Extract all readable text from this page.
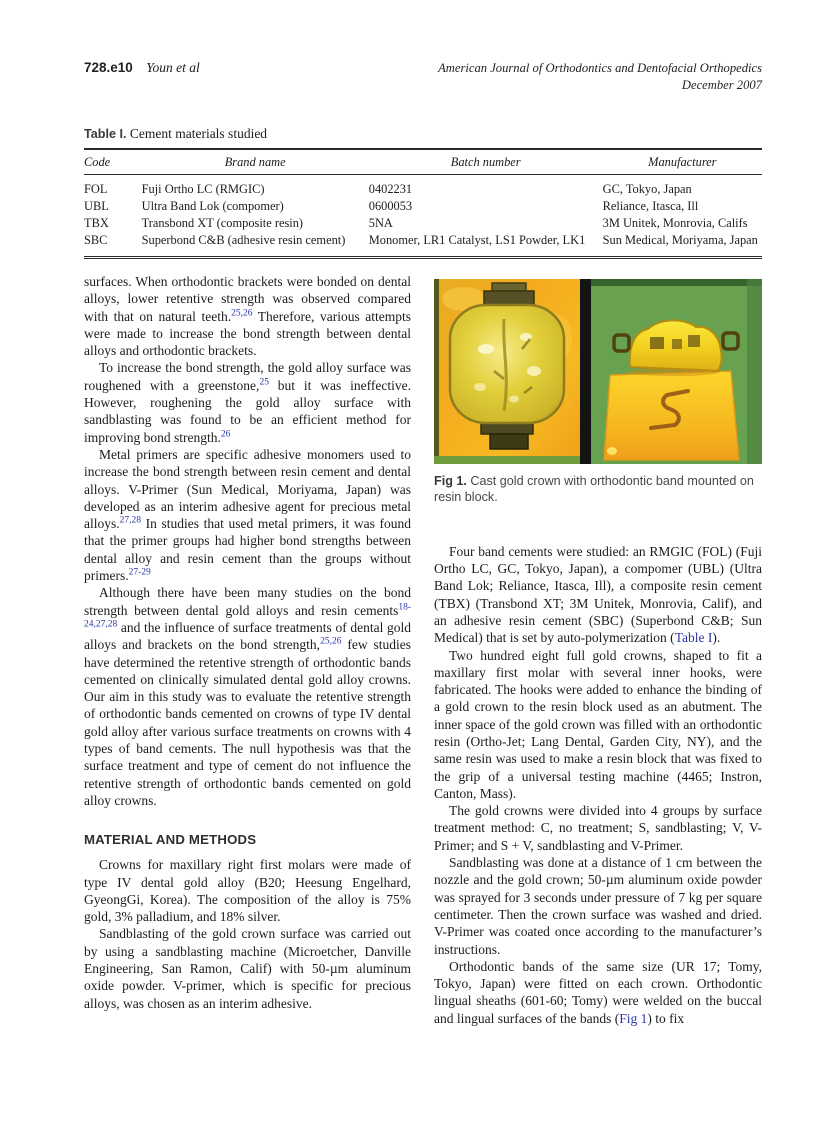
728.e10 Youn et al	American Journal of Orthodontics and Dentofacial Orthopedics
December 2007

Table I. Cement materials studied

Code	Brand name	Batch number	Manufacturer
FOL	Fuji Ortho LC (RMGIC)	0402231	GC, Tokyo, Japan
UBL	Ultra Band Lok (compomer)	0600053	Reliance, Itasca, Ill
TBX	Transbond XT (composite resin)	5NA	3M Unitek, Monrovia, Califs
SBC	Superbond C&B (adhesive resin cement)	Monomer, LR1 Catalyst, LS1 Powder, LK1	Sun Medical, Moriyama, Japan

surfaces. When orthodontic brackets were bonded on dental alloys, lower retentive strength was observed compared with that on natural teeth.$^{25,26}$ Therefore, various attempts were made to increase the bond strength between dental alloys and orthodontic brackets.

To increase the bond strength, the gold alloy surface was roughened with a greenstone,$^{25}$ but it was ineffective. However, roughening the gold alloy surface with sandblasting was found to be an efficient method for improving bond strength.$^{26}$

Metal primers are specific adhesive monomers used to increase the bond strength between resin cement and dental alloys. V-Primer (Sun Medical, Moriyama, Japan) was developed as an interim adhesive agent for precious metal alloys.$^{27,28}$ In studies that used metal primers, it was found that the primer groups had higher bond strengths between dental alloy and resin cement than the groups without primers.$^{27-29}$

Although there have been many studies on the bond strength between dental gold alloys and resin cements$^{18-24,27,28}$ and the influence of surface treatments of dental gold alloys and brackets on the bond strength,$^{25,26}$ few studies have determined the retentive strength of orthodontic bands cemented on clinically simulated dental gold alloy crowns. Our aim in this study was to evaluate the retentive strength of orthodontic bands cemented on crowns of type IV dental gold alloy after various surface treatments on crowns with 4 types of band cements. The null hypothesis was that the surface treatment and type of cement do not influence the retentive strength of orthodontic bands cemented on gold alloy crowns.

MATERIAL AND METHODS

Crowns for maxillary right first molars were made of type IV dental gold alloy (B20; Heesung Engelhard, GyeongGi, Korea). The composition of the alloy is 75% gold, 3% palladium, and 18% silver.

Sandblasting of the gold crown surface was carried out by using a sandblasting machine (Microetcher, Danville Engineering, San Ramon, Calif) with 50-µm aluminum oxide powder. V-primer, which is specific for precious alloys, was chosen as an interim adhesive.

Fig 1. Cast gold crown with orthodontic band mounted on resin block.

Four band cements were studied: an RMGIC (FOL) (Fuji Ortho LC, GC, Tokyo, Japan), a compomer (UBL) (Ultra Band Lok; Reliance, Itasca, Ill), a composite resin cement (TBX) (Transbond XT; 3M Unitek, Monrovia, Calif), and an adhesive resin cement (SBC) (Superbond C&B; Sun Medical) that is set by auto-polymerization (Table I).

Two hundred eight full gold crowns, shaped to fit a maxillary first molar with several inner hooks, were fabricated. The hooks were added to enhance the binding of a gold crown to the resin block used as an abutment. The inner space of the gold crown was filled with an orthodontic resin (Ortho-Jet; Lang Dental, Garden City, NY), and the same resin was used to make a resin block that was fixed to the grip of a universal testing machine (4465; Instron, Canton, Mass).

The gold crowns were divided into 4 groups by surface treatment method: C, no treatment; S, sandblasting; V, V-Primer; and S + V, sandblasting and V-Primer.

Sandblasting was done at a distance of 1 cm between the nozzle and the gold crown; 50-µm aluminum oxide powder was sprayed for 3 seconds under pressure of 7 kg per square centimeter. Then the crown surface was washed and dried. V-Primer was coated once according to the manufacturer’s instructions.

Orthodontic bands of the same size (UR 17; Tomy, Tokyo, Japan) were fitted on each crown. Orthodontic lingual sheaths (601-60; Tomy) were welded on the buccal and lingual surfaces of the bands (Fig 1) to fix
